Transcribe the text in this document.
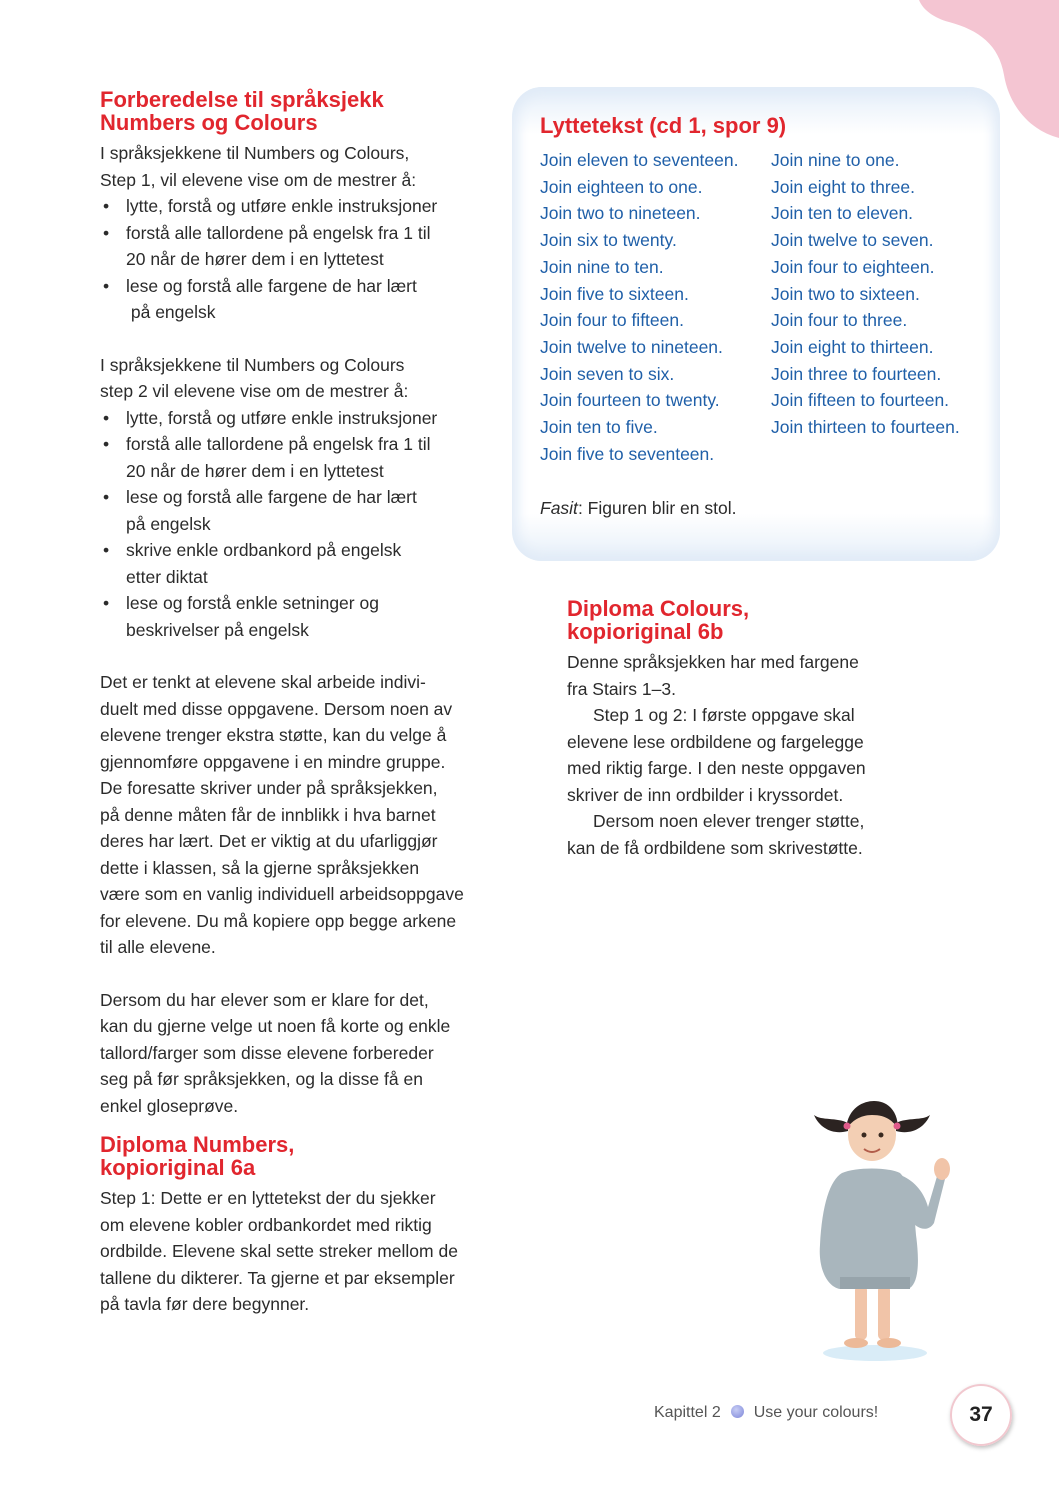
Forberedelse til språksjekk
Numbers og Colours

I språksjekkene til Numbers og Colours,
Step 1, vil elevene vise om de mestrer å:

• lytte, forstå og utføre enkle instruksjoner
• forstå alle tallordene på engelsk fra 1 til
20 når de hører dem i en lyttetest
• lese og forstå alle fargene de har lært
på engelsk

I språksjekkene til Numbers og Colours
step 2 vil elevene vise om de mestrer å:

• lytte, forstå og utføre enkle instruksjoner
• forstå alle tallordene på engelsk fra 1 til
20 når de hører dem i en lyttetest
• lese og forstå alle fargene de har lært
på engelsk
• skrive enkle ordbankord på engelsk
etter diktat
• lese og forstå enkle setninger og
beskrivelser på engelsk

Det er tenkt at elevene skal arbeide indivi-
duelt med disse oppgavene. Dersom noen av
elevene trenger ekstra støtte, kan du velge å
gjennomføre oppgavene i en mindre gruppe.
De foresatte skriver under på språksjekken,
på denne måten får de innblikk i hva barnet
deres har lært. Det er viktig at du ufarliggjør
dette i klassen, så la gjerne språksjekken
være som en vanlig individuell arbeidsoppgave
for elevene. Du må kopiere opp begge arkene
til alle elevene.

Dersom du har elever som er klare for det,
kan du gjerne velge ut noen få korte og enkle
tallord/farger som disse elevene forbereder
seg på før språksjekken, og la disse få en
enkel gloseprøve.

Diploma Numbers,
kopioriginal 6a

Step 1: Dette er en lyttetekst der du sjekker
om elevene kobler ordbankordet med riktig
ordbilde. Elevene skal sette streker mellom de
tallene du dikterer. Ta gjerne et par eksempler
på tavla før dere begynner.

Lyttetekst (cd 1, spor 9)
Join eleven to seventeen.
Join eighteen to one.
Join two to nineteen.
Join six to twenty.
Join nine to ten.
Join five to sixteen.
Join four to fifteen.
Join twelve to nineteen.
Join seven to six.
Join fourteen to twenty.
Join ten to five.
Join five to seventeen.
Join nine to one.
Join eight to three.
Join ten to eleven.
Join twelve to seven.
Join four to eighteen.
Join two to sixteen.
Join four to three.
Join eight to thirteen.
Join three to fourteen.
Join fifteen to fourteen.
Join thirteen to fourteen.
Fasit: Figuren blir en stol.
Diploma Colours,
kopioriginal 6b

Denne språksjekken har med fargene
fra Stairs 1–3.

Step 1 og 2: I første oppgave skal
elevene lese ordbildene og fargelegge
med riktig farge. I den neste oppgaven
skriver de inn ordbilder i kryssordet.

Dersom noen elever trenger støtte,
kan de få ordbildene som skrivestøtte.

Kapittel 2 Use your colours!	37
